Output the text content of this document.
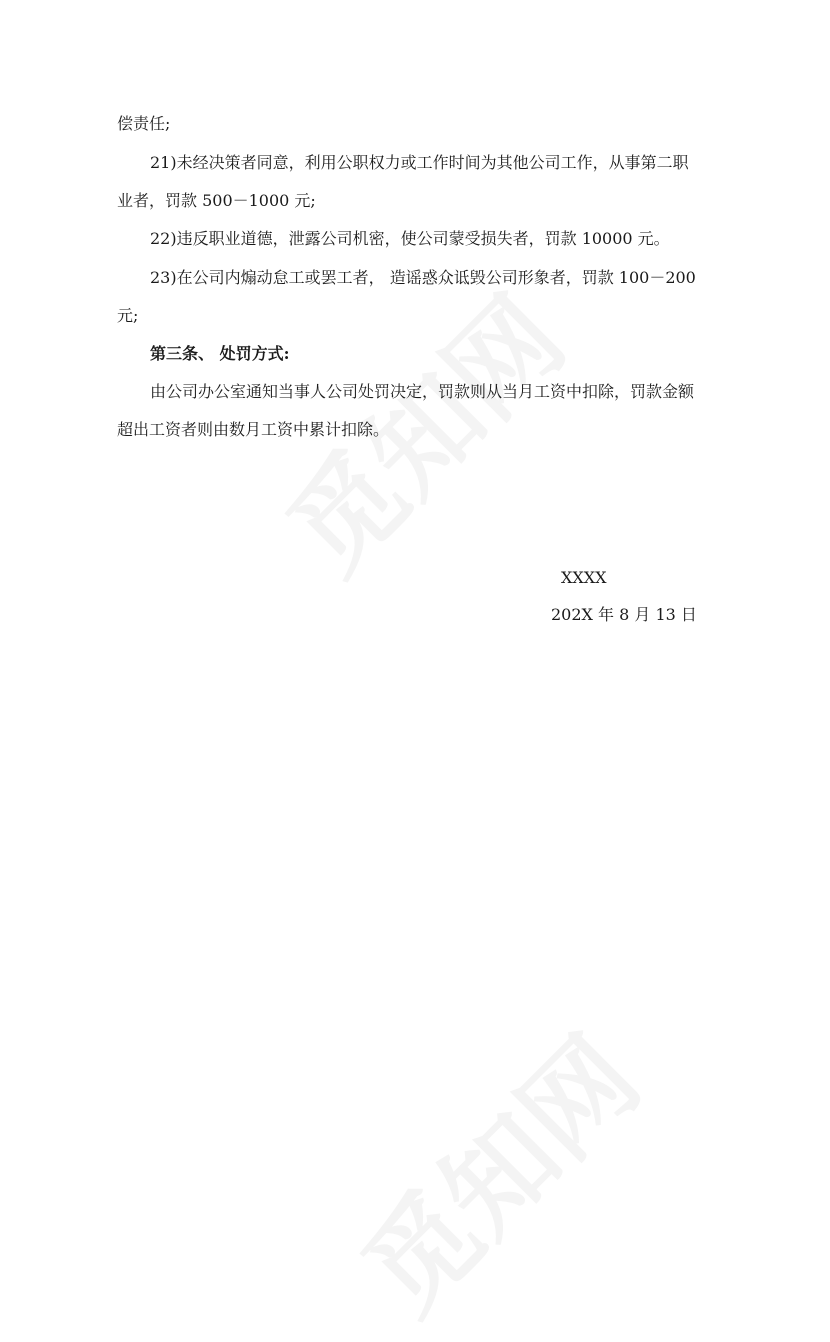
偿责任;
21)未经决策者同意，利用公职权力或工作时间为其他公司工作，从事第二职
业者，罚款 500－1000 元;
22)违反职业道德，泄露公司机密，使公司蒙受损失者，罚款 10000 元。
23)在公司内煽动怠工或罢工者， 造谣惑众诋毁公司形象者，罚款 100－200
元;
第三条、 处罚方式:
由公司办公室通知当事人公司处罚决定，罚款则从当月工资中扣除，罚款金额
超出工资者则由数月工资中累计扣除。
XXXX
202X 年 8 月 13 日
